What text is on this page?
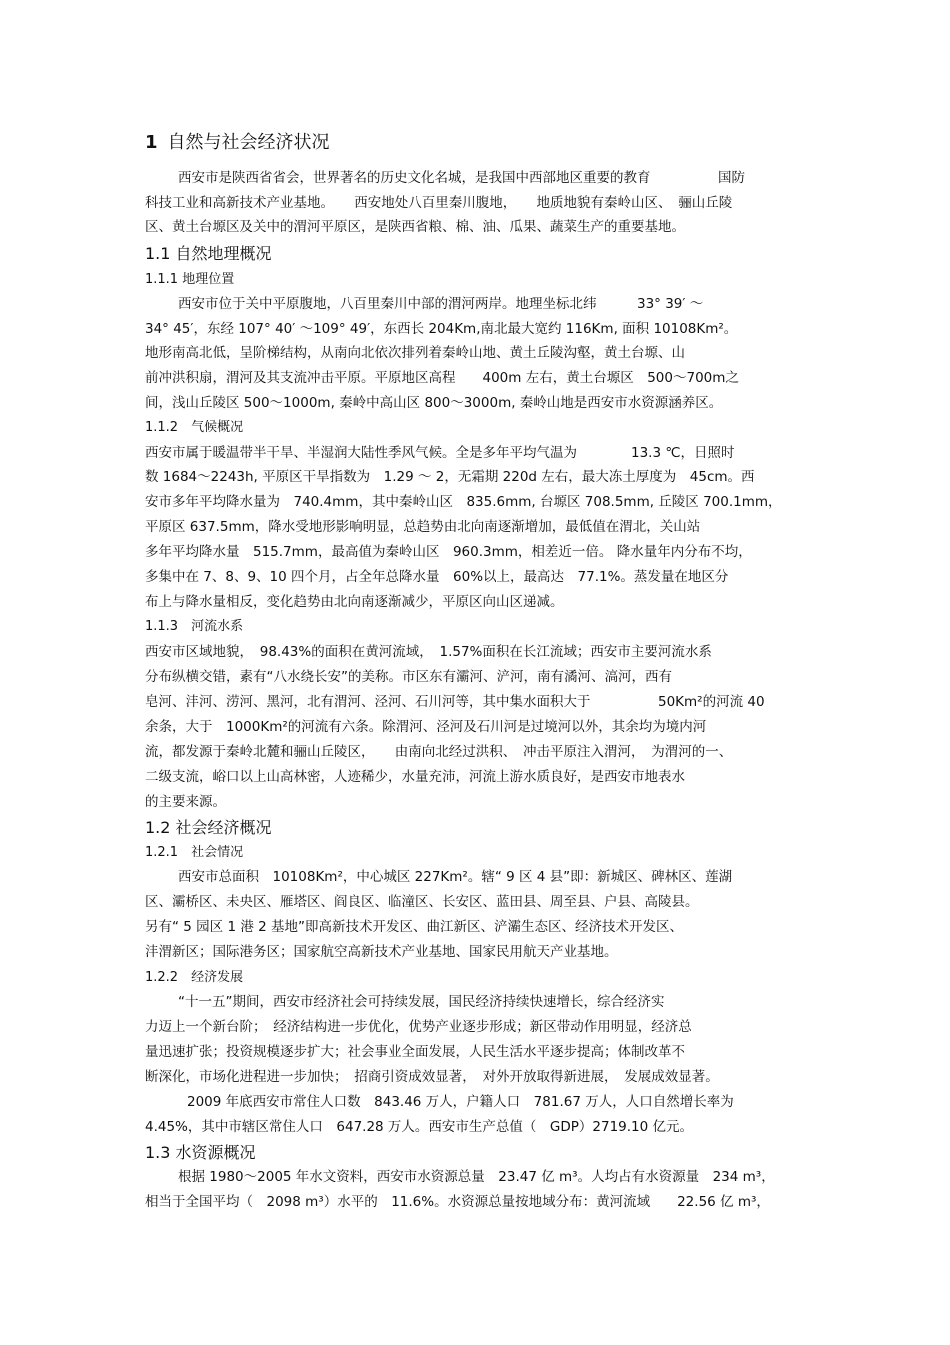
1 自然与社会经济状况
西安市是陕西省省会，世界著名的历史文化名城，是我国中西部地区重要的教育　　　　　国防
科技工业和高新技术产业基地。　　西安地处八百里秦川腹地，　　地质地貌有秦岭山区、　骊山丘陵
区、黄土台塬区及关中的渭河平原区，是陕西省粮、棉、油、瓜果、蔬菜生产的重要基地。
1.1 自然地理概况
1.1.1 地理位置
西安市位于关中平原腹地，八百里秦川中部的渭河两岸。地理坐标北纬　　　33° 39′ ～
34° 45′，东经 107° 40′ ～109° 49′，东西长 204Km,南北最大宽约 116Km, 面积 10108Km²。
地形南高北低，呈阶梯结构，从南向北依次排列着秦岭山地、黄土丘陵沟壑，黄土台塬、山
前冲洪积扇，渭河及其支流冲击平原。平原地区高程　　400m 左右，黄土台塬区　500～700m之
间，浅山丘陵区 500～1000m, 秦岭中高山区 800～3000m, 秦岭山地是西安市水资源涵养区。
1.1.2　气候概况
西安市属于暖温带半干旱、半湿润大陆性季风气候。全是多年平均气温为　　　　13.3 ℃，日照时
数 1684～2243h, 平原区干旱指数为　1.29 ～ 2，无霜期 220d 左右，最大冻土厚度为　45cm。西
安市多年平均降水量为　740.4mm，其中秦岭山区　835.6mm, 台塬区 708.5mm, 丘陵区 700.1mm，
平原区 637.5mm，降水受地形影响明显，总趋势由北向南逐渐增加，最低值在渭北，关山站
多年平均降水量　515.7mm，最高值为秦岭山区　960.3mm，相差近一倍。 降水量年内分布不均，
多集中在 7、8、9、10 四个月，占全年总降水量　60%以上，最高达　77.1%。蒸发量在地区分
布上与降水量相反，变化趋势由北向南逐渐减少，平原区向山区递减。
1.1.3　河流水系
西安市区域地貌，　98.43%的面积在黄河流域，　1.57%面积在长江流域；西安市主要河流水系
分布纵横交错，素有“八水绕长安”的美称。市区东有灞河、浐河，南有潏河、滈河，西有
皂河、沣河、涝河、黑河，北有渭河、泾河、石川河等，其中集水面积大于　　　　　50Km²的河流 40
余条，大于　1000Km²的河流有六条。除渭河、泾河及石川河是过境河以外，其余均为境内河
流，都发源于秦岭北麓和骊山丘陵区，　　由南向北经过洪积、　冲击平原注入渭河，　为渭河的一、
二级支流，峪口以上山高林密，人迹稀少，水量充沛，河流上游水质良好，是西安市地表水
的主要来源。
1.2 社会经济概况
1.2.1　社会情况
西安市总面积　10108Km²，中心城区 227Km²。辖“ 9 区 4 县”即：新城区、碑林区、莲湖
区、灞桥区、未央区、雁塔区、阎良区、临潼区、长安区、蓝田县、周至县、户县、高陵县。
另有“ 5 园区 1 港 2 基地”即高新技术开发区、曲江新区、浐灞生态区、经济技术开发区、
沣渭新区；国际港务区；国家航空高新技术产业基地、国家民用航天产业基地。
1.2.2　经济发展
“十一五”期间，西安市经济社会可持续发展，国民经济持续快速增长，综合经济实
力迈上一个新台阶；　经济结构进一步优化，优势产业逐步形成；新区带动作用明显，经济总
量迅速扩张；投资规模逐步扩大；社会事业全面发展，人民生活水平逐步提高；体制改革不
断深化，市场化进程进一步加快；　招商引资成效显著，　对外开放取得新进展，　发展成效显著。
2009 年底西安市常住人口数　843.46 万人，户籍人口　781.67 万人，人口自然增长率为
4.45%，其中市辖区常住人口　647.28 万人。西安市生产总值（　GDP）2719.10 亿元。
1.3 水资源概况
根据 1980～2005 年水文资料，西安市水资源总量　23.47 亿 m³。人均占有水资源量　234 m³，
相当于全国平均（　2098 m³）水平的　11.6%。水资源总量按地域分布：黄河流域　　22.56 亿 m³，
